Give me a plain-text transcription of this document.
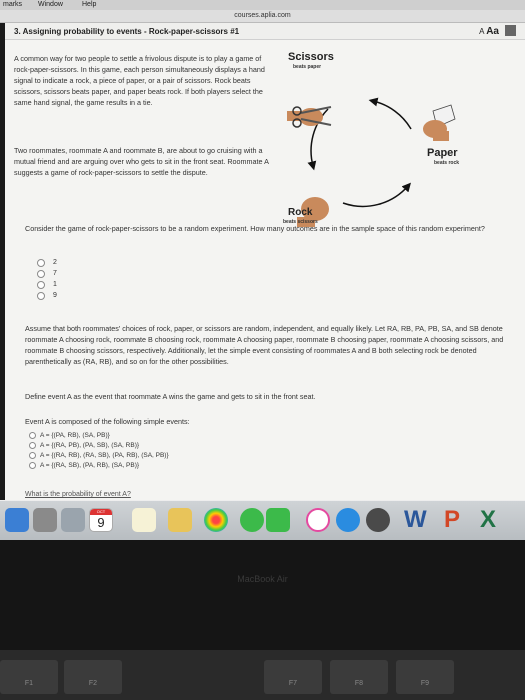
marks Window	Help
courses.aplia.com
3. Assigning probability to events - Rock-paper-scissors #1	A Aa
A common way for two people to settle a frivolous dispute is to play a game of rock-paper-scissors. In this game, each person simultaneously displays a hand signal to indicate a rock, a piece of paper, or a pair of scissors. Rock beats scissors, scissors beats paper, and paper beats rock. If both players select the same hand signal, the game results in a tie.
Two roommates, roommate A and roommate B, are about to go cruising with a mutual friend and are arguing over who gets to sit in the front seat. Roommate A suggests a game of rock-paper-scissors to settle the dispute.
Scissors
beats paper
Paper
beats rock
Rock
beats scissors
Consider the game of rock-paper-scissors to be a random experiment. How many outcomes are in the sample space of this random experiment?
2
7
1
9
Assume that both roommates' choices of rock, paper, or scissors are random, independent, and equally likely. Let RA, RB, PA, PB, SA, and SB denote roommate A choosing rock, roommate B choosing rock, roommate A choosing paper, roommate B choosing paper, roommate A choosing scissors, and roommate B choosing scissors, respectively. Additionally, let the simple event consisting of roommates A and B both selecting rock be denoted parenthetically as (RA, RB), and so on for the other possibilities.
Define event A as the event that roommate A wins the game and gets to sit in the front seat.
Event A is composed of the following simple events:
A = {(PA, RB), (SA, PB)}
A = {(RA, PB), (PA, SB), (SA, RB)}
A = {(RA, RB), (RA, SB), (PA, RB), (SA, PB)}
A = {(RA, SB), (PA, RB), (SA, PB)}
What is the probability of event A?
OCT
9	W P X
MacBook Air
F1	F2	F7	F8	F9
